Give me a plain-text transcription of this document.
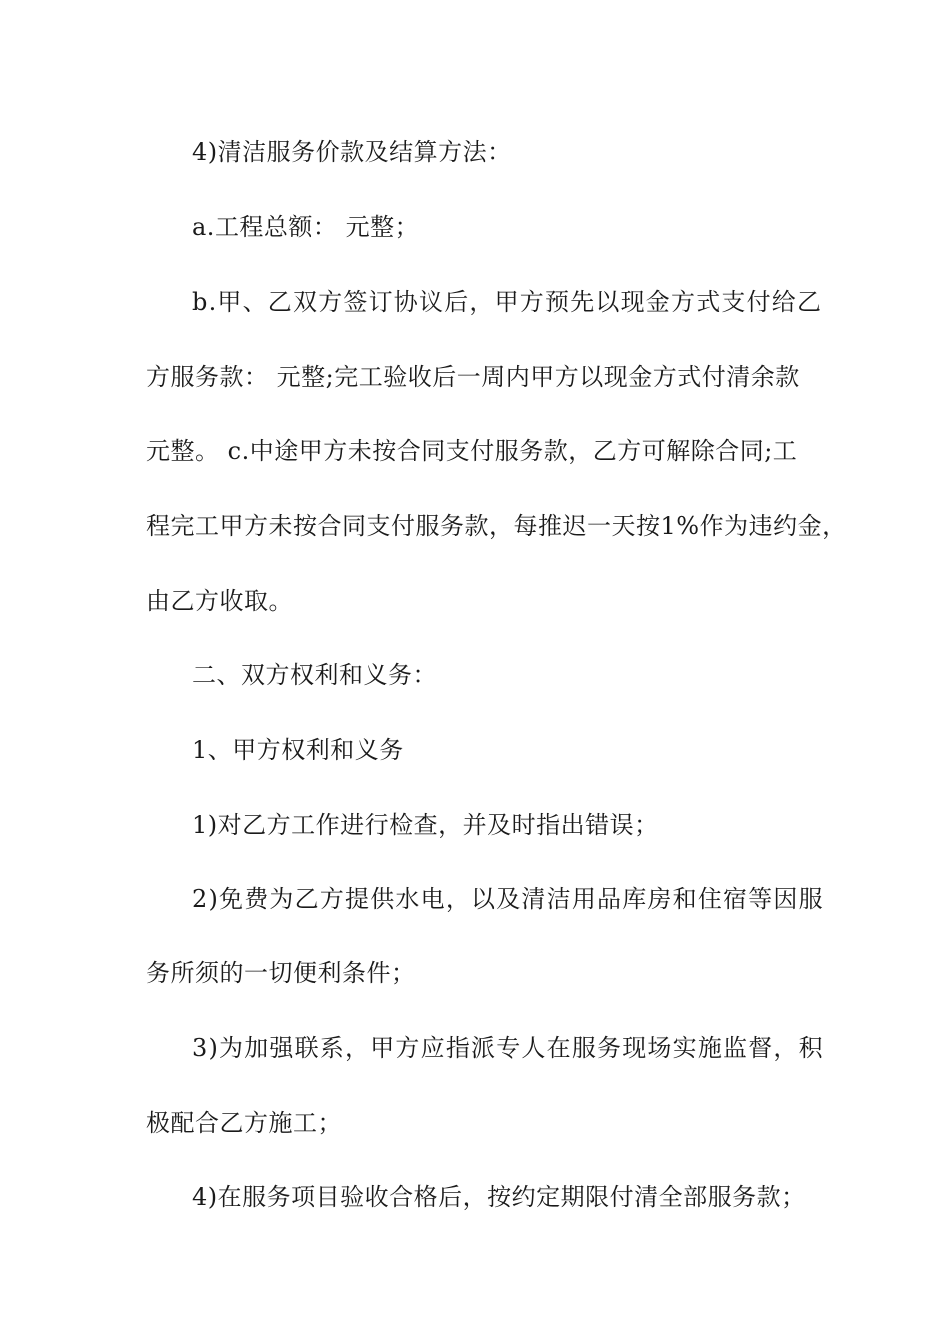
4)清洁服务价款及结算方法：
a.工程总额： 元整；
b.甲、乙双方签订协议后，甲方预先以现金方式支付给乙
方服务款： 元整;完工验收后一周内甲方以现金方式付清余款
元整。 c.中途甲方未按合同支付服务款，乙方可解除合同;工
程完工甲方未按合同支付服务款，每推迟一天按1%作为违约金，
由乙方收取。
二、双方权利和义务：
1、甲方权利和义务
1)对乙方工作进行检查，并及时指出错误；
2)免费为乙方提供水电，以及清洁用品库房和住宿等因服
务所须的一切便利条件；
3)为加强联系，甲方应指派专人在服务现场实施监督，积
极配合乙方施工；
4)在服务项目验收合格后，按约定期限付清全部服务款；
